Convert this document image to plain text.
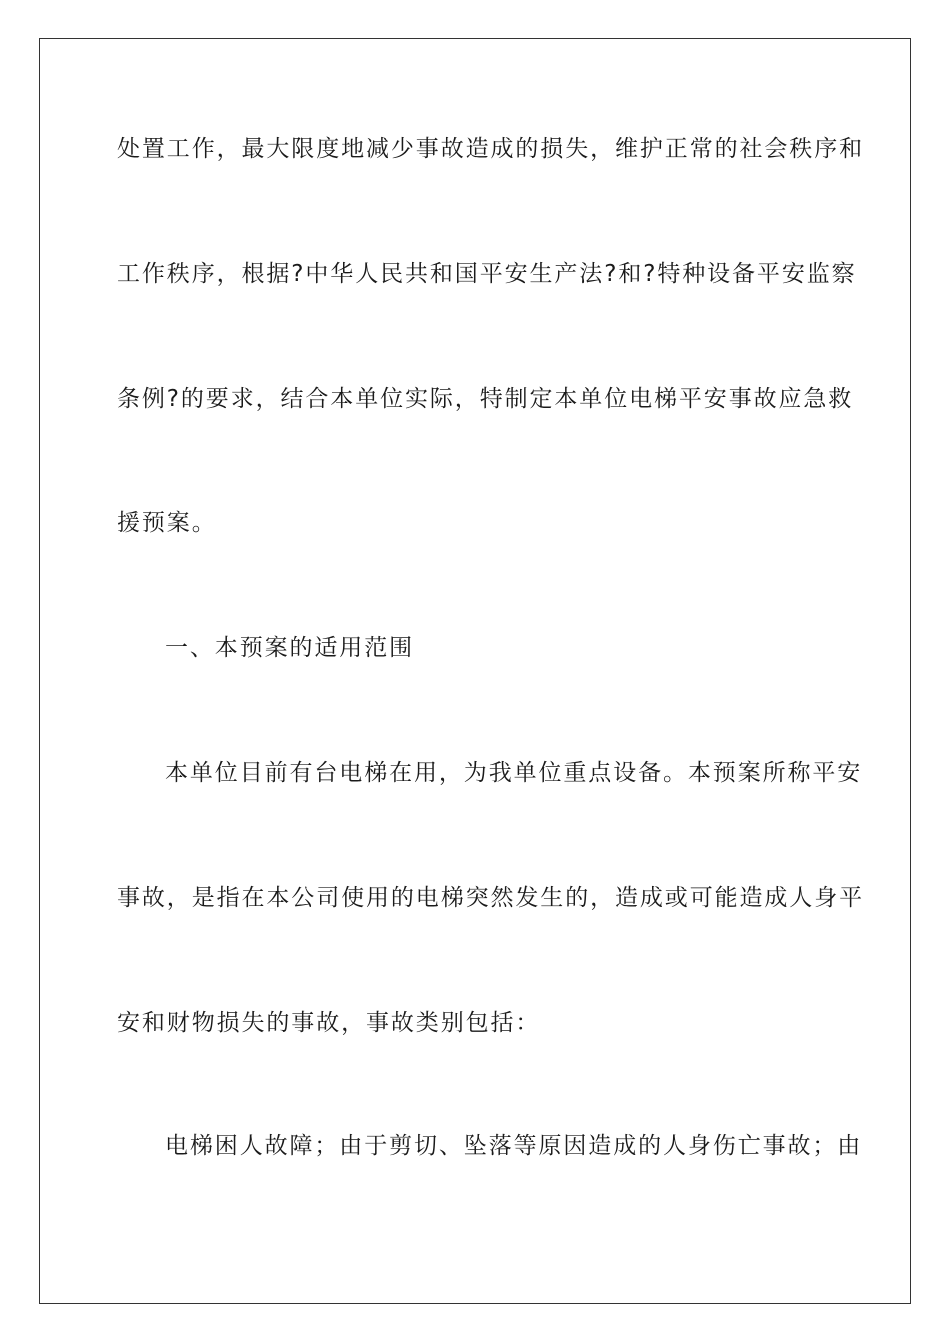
处置工作，最大限度地减少事故造成的损失，维护正常的社会秩序和
工作秩序，根据?中华人民共和国平安生产法?和?特种设备平安监察
条例?的要求，结合本单位实际，特制定本单位电梯平安事故应急救
援预案。
一、本预案的适用范围
本单位目前有台电梯在用，为我单位重点设备。本预案所称平安
事故，是指在本公司使用的电梯突然发生的，造成或可能造成人身平
安和财物损失的事故，事故类别包括：
电梯困人故障；由于剪切、坠落等原因造成的人身伤亡事故；由
